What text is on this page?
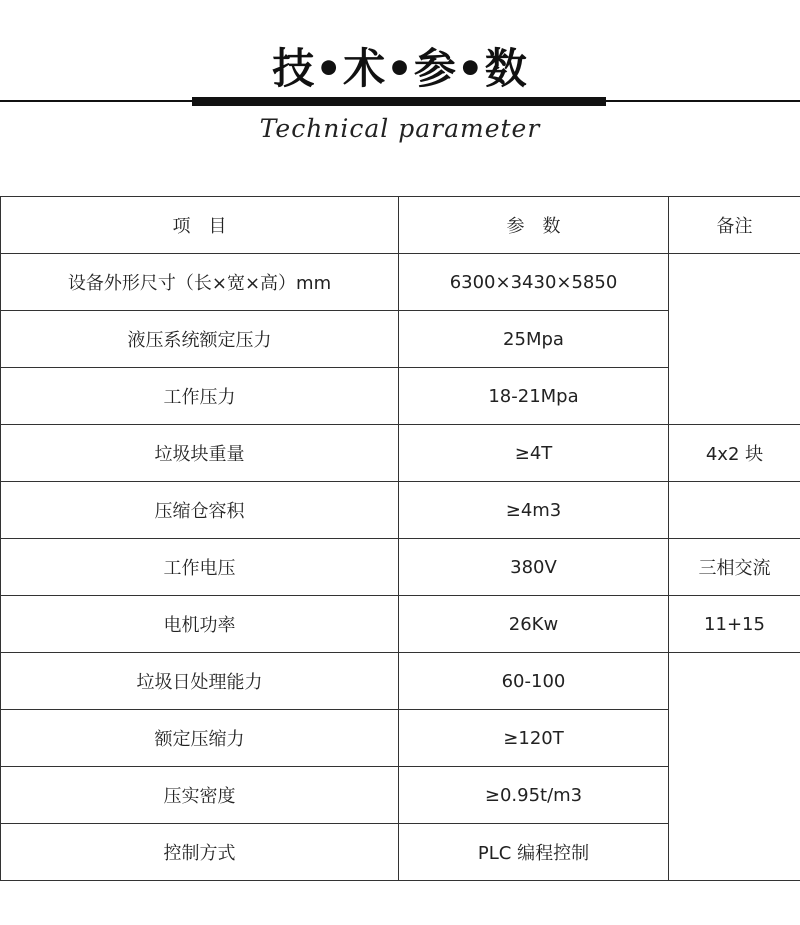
技•术•参•数
Technical parameter
项　目	参　数	备注
设备外形尺寸（长×宽×高）mm	6300×3430×5850	
液压系统额定压力	25Mpa	
工作压力	18-21Mpa	
垃圾块重量	≥4T	4x2 块
压缩仓容积	≥4m3	
工作电压	380V	三相交流
电机功率	26Kw	11+15
垃圾日处理能力	60-100	
额定压缩力	≥120T	
压实密度	≥0.95t/m3	
控制方式	PLC 编程控制	
